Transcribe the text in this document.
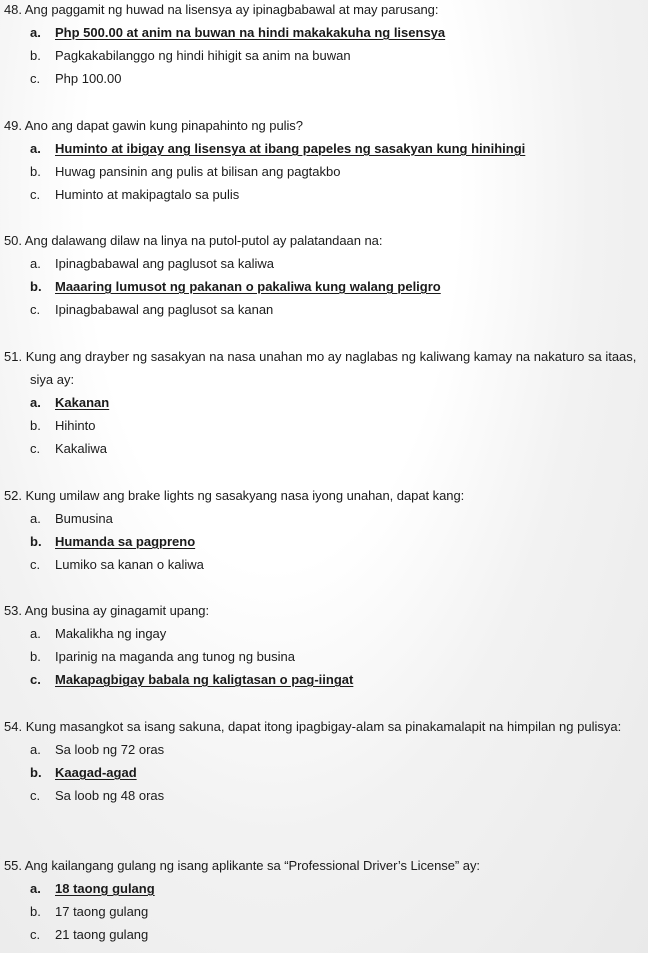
48. Ang paggamit ng huwad na lisensya ay ipinagbabawal at may parusang:
a. Php 500.00 at anim na buwan na hindi makakakuha ng lisensya
b. Pagkakabilanggo ng hindi hihigit sa anim na buwan
c. Php 100.00
49. Ano ang dapat gawin kung pinapahinto ng pulis?
a. Huminto at ibigay ang lisensya at ibang papeles ng sasakyan kung hinihingi
b. Huwag pansinin ang pulis at bilisan ang pagtakbo
c. Huminto at makipagtalo sa pulis
50. Ang dalawang dilaw na linya na putol-putol ay palatandaan na:
a. Ipinagbabawal ang paglusot sa kaliwa
b. Maaaring lumusot ng pakanan o pakaliwa kung walang peligro
c. Ipinagbabawal ang paglusot sa kanan
51. Kung ang drayber ng sasakyan na nasa unahan mo ay naglabas ng kaliwang kamay na nakaturo sa itaas, siya ay:
a. Kakanan
b. Hihinto
c. Kakaliwa
52. Kung umilaw ang brake lights ng sasakyang nasa iyong unahan, dapat kang:
a. Bumusina
b. Humanda sa pagpreno
c. Lumiko sa kanan o kaliwa
53. Ang busina ay ginagamit upang:
a. Makalikha ng ingay
b. Iparinig na maganda ang tunog ng busina
c. Makapagbigay babala ng kaligtasan o pag-iingat
54. Kung masangkot sa isang sakuna, dapat itong ipagbigay-alam sa pinakamalapit na himpilan ng pulisya:
a. Sa loob ng 72 oras
b. Kaagad-agad
c. Sa loob ng 48 oras
55. Ang kailangang gulang ng isang aplikante sa “Professional Driver’s License” ay:
a. 18 taong gulang
b. 17 taong gulang
c. 21 taong gulang
